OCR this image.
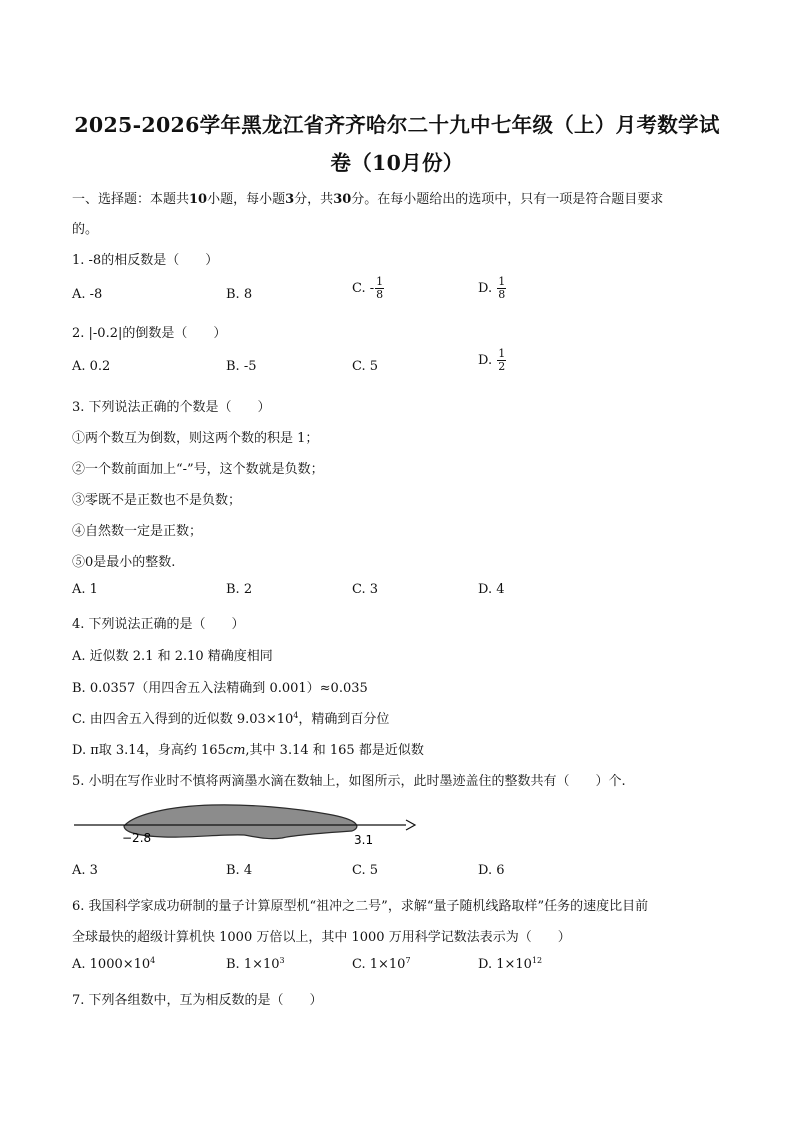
2025-2026学年黑龙江省齐齐哈尔二十九中七年级（上）月考数学试
卷（10月份）
一、选择题：本题共10小题，每小题3分，共30分。在每小题给出的选项中，只有一项是符合题目要求
的。
1. -8的相反数是（　　）
A. -8	B. 8	C. - $\frac{1}{8}$	D. $\frac{1}{8}$
2. |-0.2|的倒数是（　　）
A. 0.2	B. -5	C. 5	D. $\frac{1}{2}$
3. 下列说法正确的个数是（　　）
①两个数互为倒数，则这两个数的积是 1；
②一个数前面加上“-”号，这个数就是负数；
③零既不是正数也不是负数；
④自然数一定是正数；
⑤0是最小的整数.
A. 1	B. 2	C. 3	D. 4
4. 下列说法正确的是（　　）
A. 近似数 2.1 和 2.10 精确度相同
B. 0.0357（用四舍五入法精确到 0.001）≈0.035
C. 由四舍五入得到的近似数 $9.03\times 10^4$，精确到百分位
D. π取 3.14，身高约 165cm,其中 3.14 和 165 都是近似数
5. 小明在写作业时不慎将两滴墨水滴在数轴上，如图所示，此时墨迹盖住的整数共有（　　）个.
−2.8	3.1
A. 3	B. 4	C. 5	D. 6
6. 我国科学家成功研制的量子计算原型机“祖冲之二号”，求解“量子随机线路取样”任务的速度比目前
全球最快的超级计算机快 1000 万倍以上，其中 1000 万用科学记数法表示为（　　）
A. $1000\times 10^4$	B. $1\times 10^3$	C. $1\times 10^7$	D. $1\times 10^{12}$
7. 下列各组数中，互为相反数的是（　　）
